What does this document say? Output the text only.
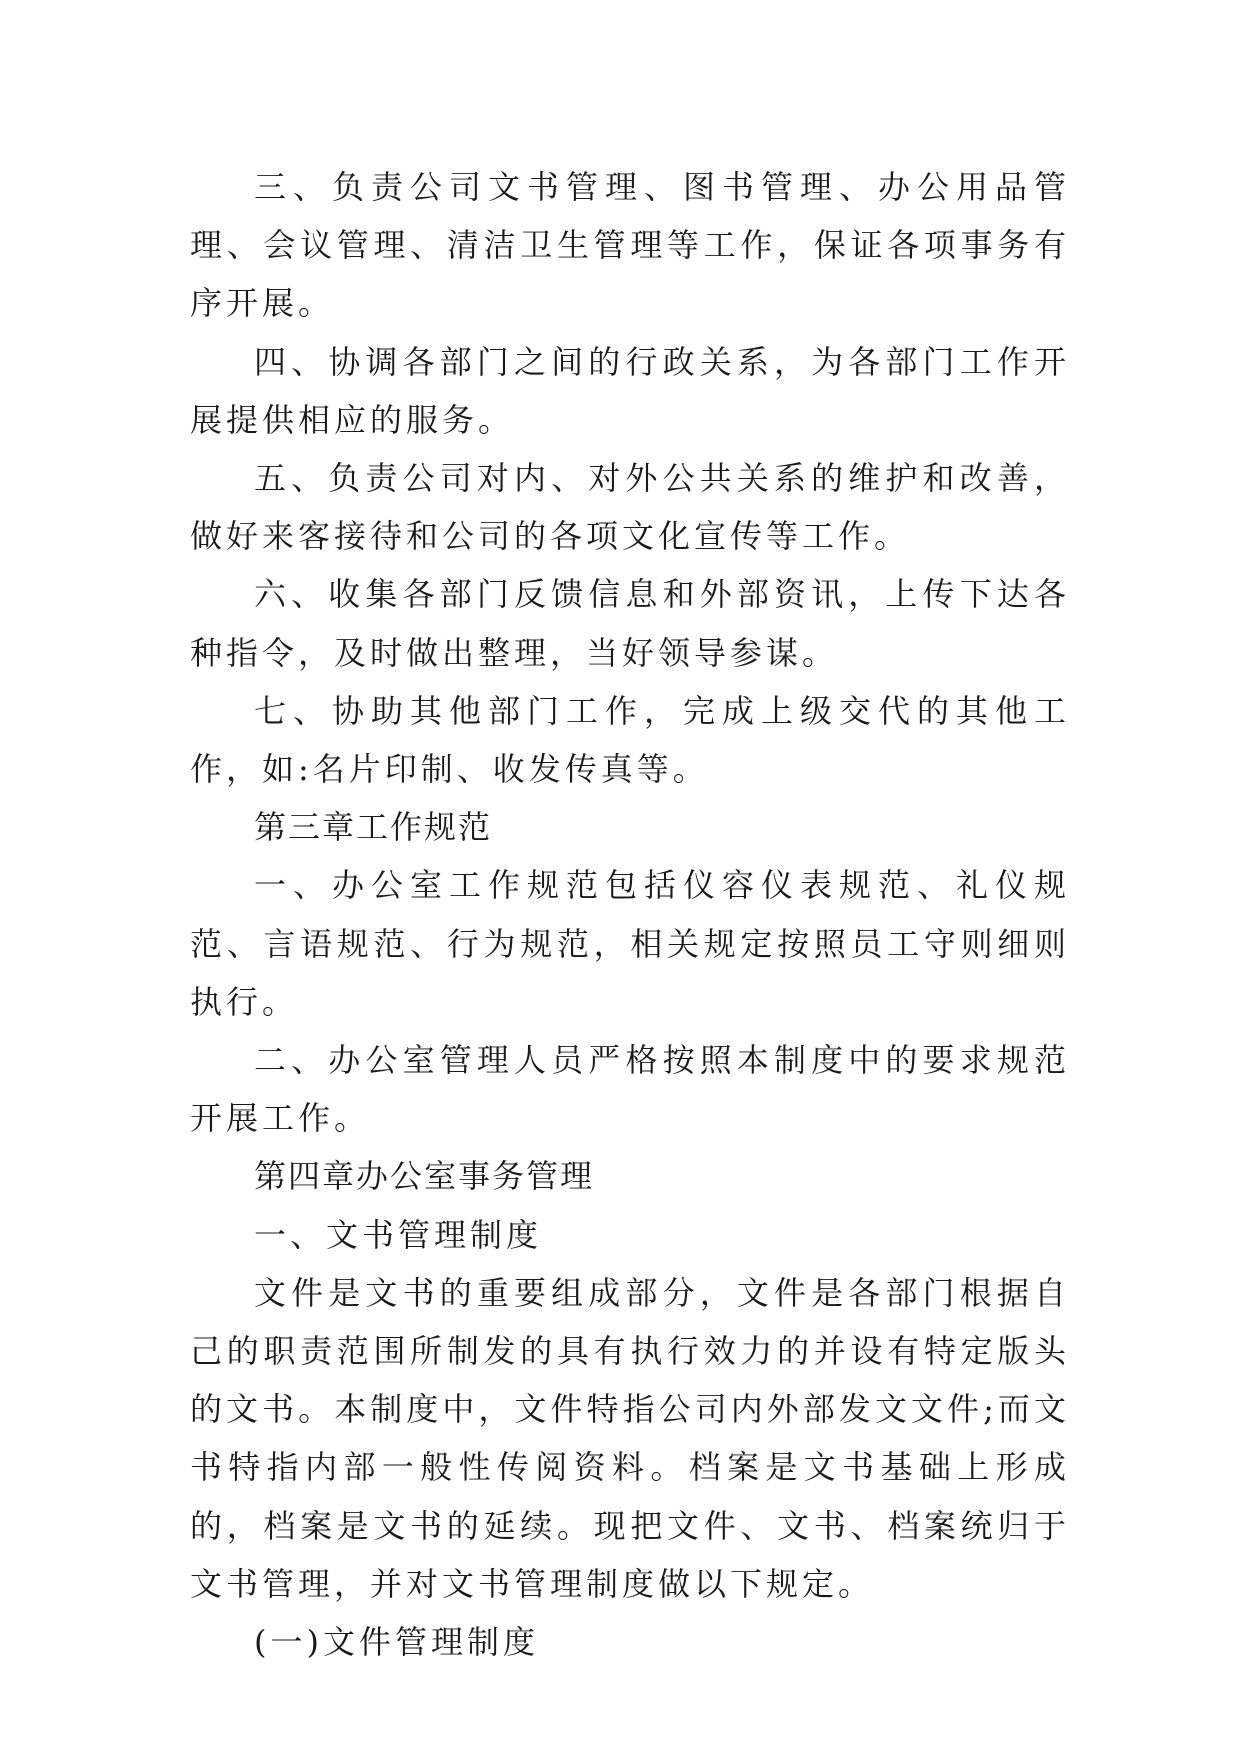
三、负责公司文书管理、图书管理、办公用品管理、会议管理、清洁卫生管理等工作，保证各项事务有序开展。

四、协调各部门之间的行政关系，为各部门工作开展提供相应的服务。

五、负责公司对内、对外公共关系的维护和改善，做好来客接待和公司的各项文化宣传等工作。

六、收集各部门反馈信息和外部资讯，上传下达各种指令，及时做出整理，当好领导参谋。

七、协助其他部门工作，完成上级交代的其他工作，如:名片印制、收发传真等。

第三章工作规范

一、办公室工作规范包括仪容仪表规范、礼仪规范、言语规范、行为规范，相关规定按照员工守则细则执行。

二、办公室管理人员严格按照本制度中的要求规范开展工作。

第四章办公室事务管理

一、文书管理制度

文件是文书的重要组成部分，文件是各部门根据自己的职责范围所制发的具有执行效力的并设有特定版头的文书。本制度中，文件特指公司内外部发文文件;而文书特指内部一般性传阅资料。档案是文书基础上形成的，档案是文书的延续。现把文件、文书、档案统归于文书管理，并对文书管理制度做以下规定。

(一)文件管理制度
